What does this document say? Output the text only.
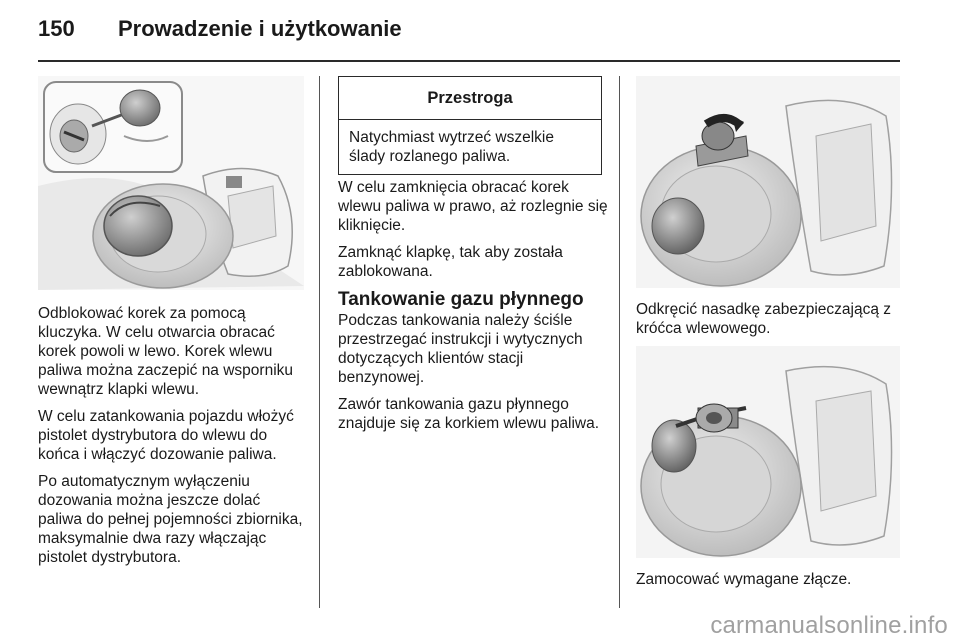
150 Prowadzenie i użytkowanie

Odblokować korek za pomocą kluczyka. W celu otwarcia obracać korek powoli w lewo. Korek wlewu paliwa można zaczepić na wsporniku wewnątrz klapki wlewu.

W celu zatankowania pojazdu włożyć pistolet dystrybutora do wlewu do końca i włączyć dozowanie paliwa.

Po automatycznym wyłączeniu dozowania można jeszcze dolać paliwa do pełnej pojemności zbiornika, maksymalnie dwa razy włączając pistolet dystrybutora.

Przestroga
Natychmiast wytrzeć wszelkie ślady rozlanego paliwa.

W celu zamknięcia obracać korek wlewu paliwa w prawo, aż rozlegnie się kliknięcie.

Zamknąć klapkę, tak aby została zablokowana.

Tankowanie gazu płynnego

Podczas tankowania należy ściśle przestrzegać instrukcji i wytycznych dotyczących klientów stacji benzynowej.

Zawór tankowania gazu płynnego znajduje się za korkiem wlewu paliwa.

Odkręcić nasadkę zabezpieczającą z króćca wlewowego.
Zamocować wymagane złącze.
carmanualsonline.info
